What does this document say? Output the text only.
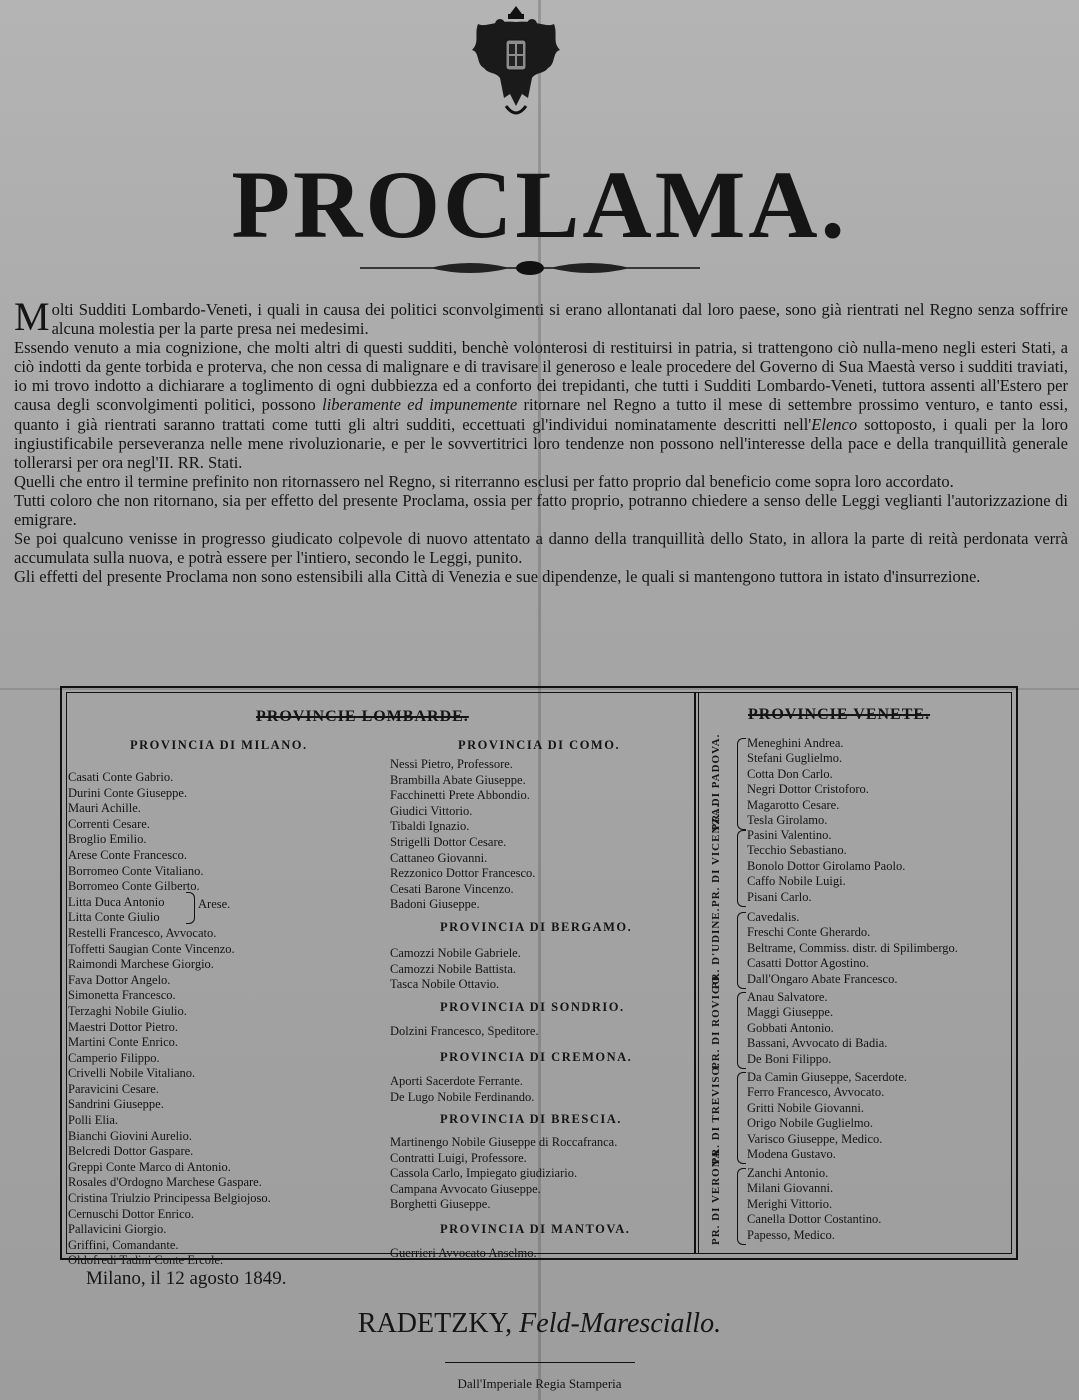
PROCLAMA.

Molti Sudditi Lombardo-Veneti, i quali in causa dei politici sconvolgimenti si erano allontanati dal loro paese, sono già rientrati nel Regno senza soffrire alcuna molestia per la parte presa nei medesimi.

Essendo venuto a mia cognizione, che molti altri di questi sudditi, benchè volonterosi di restituirsi in patria, si trattengono ciò nulla-meno negli esteri Stati, a ciò indotti da gente torbida e proterva, che non cessa di malignare e di travisare il generoso e leale procedere del Governo di Sua Maestà verso i sudditi traviati, io mi trovo indotto a dichiarare a toglimento di ogni dubbiezza ed a conforto dei trepidanti, che tutti i Sudditi Lombardo-Veneti, tuttora assenti all'Estero per causa degli sconvolgimenti politici, possono liberamente ed impunemente ritornare nel Regno a tutto il mese di settembre prossimo venturo, e tanto essi, quanto i già rientrati saranno trattati come tutti gli altri sudditi, eccettuati gl'individui nominatamente descritti nell'Elenco sottoposto, i quali per la loro ingiustificabile perseveranza nelle mene rivoluzionarie, e per le sovvertitrici loro tendenze non possono nell'interesse della pace e della tranquillità generale tollerarsi per ora negl'II. RR. Stati.

Quelli che entro il termine prefinito non ritornassero nel Regno, si riterranno esclusi per fatto proprio dal beneficio come sopra loro accordato.

Tutti coloro che non ritornano, sia per effetto del presente Proclama, ossia per fatto proprio, potranno chiedere a senso delle Leggi veglianti l'autorizzazione di emigrare.

Se poi qualcuno venisse in progresso giudicato colpevole di nuovo attentato a danno della tranquillità dello Stato, in allora la parte di reità perdonata verrà accumulata sulla nuova, e potrà essere per l'intiero, secondo le Leggi, punito.

Gli effetti del presente Proclama non sono estensibili alla Città di Venezia e sue dipendenze, le quali si mantengono tuttora in istato d'insurrezione.

PROVINCIE LOMBARDE.	PROVINCIE VENETE.
PROVINCIA DI MILANO.
Casati Conte Gabrio.
Durini Conte Giuseppe.
Mauri Achille.
Correnti Cesare.
Broglio Emilio.
Arese Conte Francesco.
Borromeo Conte Vitaliano.
Borromeo Conte Gilberto.
Litta Duca Antonio
Litta Conte Giulio
Restelli Francesco, Avvocato.
Toffetti Saugian Conte Vincenzo.
Raimondi Marchese Giorgio.
Fava Dottor Angelo.
Simonetta Francesco.
Terzaghi Nobile Giulio.
Maestri Dottor Pietro.
Martini Conte Enrico.
Camperio Filippo.
Crivelli Nobile Vitaliano.
Paravicini Cesare.
Sandrini Giuseppe.
Polli Elia.
Bianchi Giovini Aurelio.
Belcredi Dottor Gaspare.
Greppi Conte Marco di Antonio.
Rosales d'Ordogno Marchese Gaspare.
Cristina Triulzio Principessa Belgiojoso.
Cernuschi Dottor Enrico.
Pallavicini Giorgio.
Griffini, Comandante.
Oldofredi Tadini Conte Ercole.
Arese.
PROVINCIA DI COMO.
Nessi Pietro, Professore.
Brambilla Abate Giuseppe.
Facchinetti Prete Abbondio.
Giudici Vittorio.
Tibaldi Ignazio.
Strigelli Dottor Cesare.
Cattaneo Giovanni.
Rezzonico Dottor Francesco.
Cesati Barone Vincenzo.
Badoni Giuseppe.
PROVINCIA DI BERGAMO.
Camozzi Nobile Gabriele.
Camozzi Nobile Battista.
Tasca Nobile Ottavio.
PROVINCIA DI SONDRIO.
Dolzini Francesco, Speditore.
PROVINCIA DI CREMONA.
Aporti Sacerdote Ferrante.
De Lugo Nobile Ferdinando.
PROVINCIA DI BRESCIA.
Martinengo Nobile Giuseppe di Roccafranca.
Contratti Luigi, Professore.
Cassola Carlo, Impiegato giudiziario.
Campana Avvocato Giuseppe.
Borghetti Giuseppe.
PROVINCIA DI MANTOVA.
Guerrieri Avvocato Anselmo.
PR. DI PADOVA. Meneghini Andrea.
Stefani Guglielmo.
Cotta Don Carlo.
Negri Dottor Cristoforo.
Magarotto Cesare.
Tesla Girolamo.
PR. DI VICENZA. Pasini Valentino.
Tecchio Sebastiano.
Bonolo Dottor Girolamo Paolo.
Caffo Nobile Luigi.
Pisani Carlo.
PR. D'UDINE. Cavedalis.
Freschi Conte Gherardo.
Beltrame, Commiss. distr. di Spilimbergo.
Casatti Dottor Agostino.
Dall'Ongaro Abate Francesco.
PR. DI ROVIGO Anau Salvatore.
Maggi Giuseppe.
Gobbati Antonio.
Bassani, Avvocato di Badia.
De Boni Filippo.
PR. DI TREVISO. Da Camin Giuseppe, Sacerdote.
Ferro Francesco, Avvocato.
Gritti Nobile Giovanni.
Origo Nobile Guglielmo.
Varisco Giuseppe, Medico.
Modena Gustavo.
PR. DI VERONA Zanchi Antonio.
Milani Giovanni.
Merighi Vittorio.
Canella Dottor Costantino.
Papesso, Medico.
Milano, il 12 agosto 1849.
RADETZKY, Feld-Maresciallo.
Dall'Imperiale Regia Stamperia
